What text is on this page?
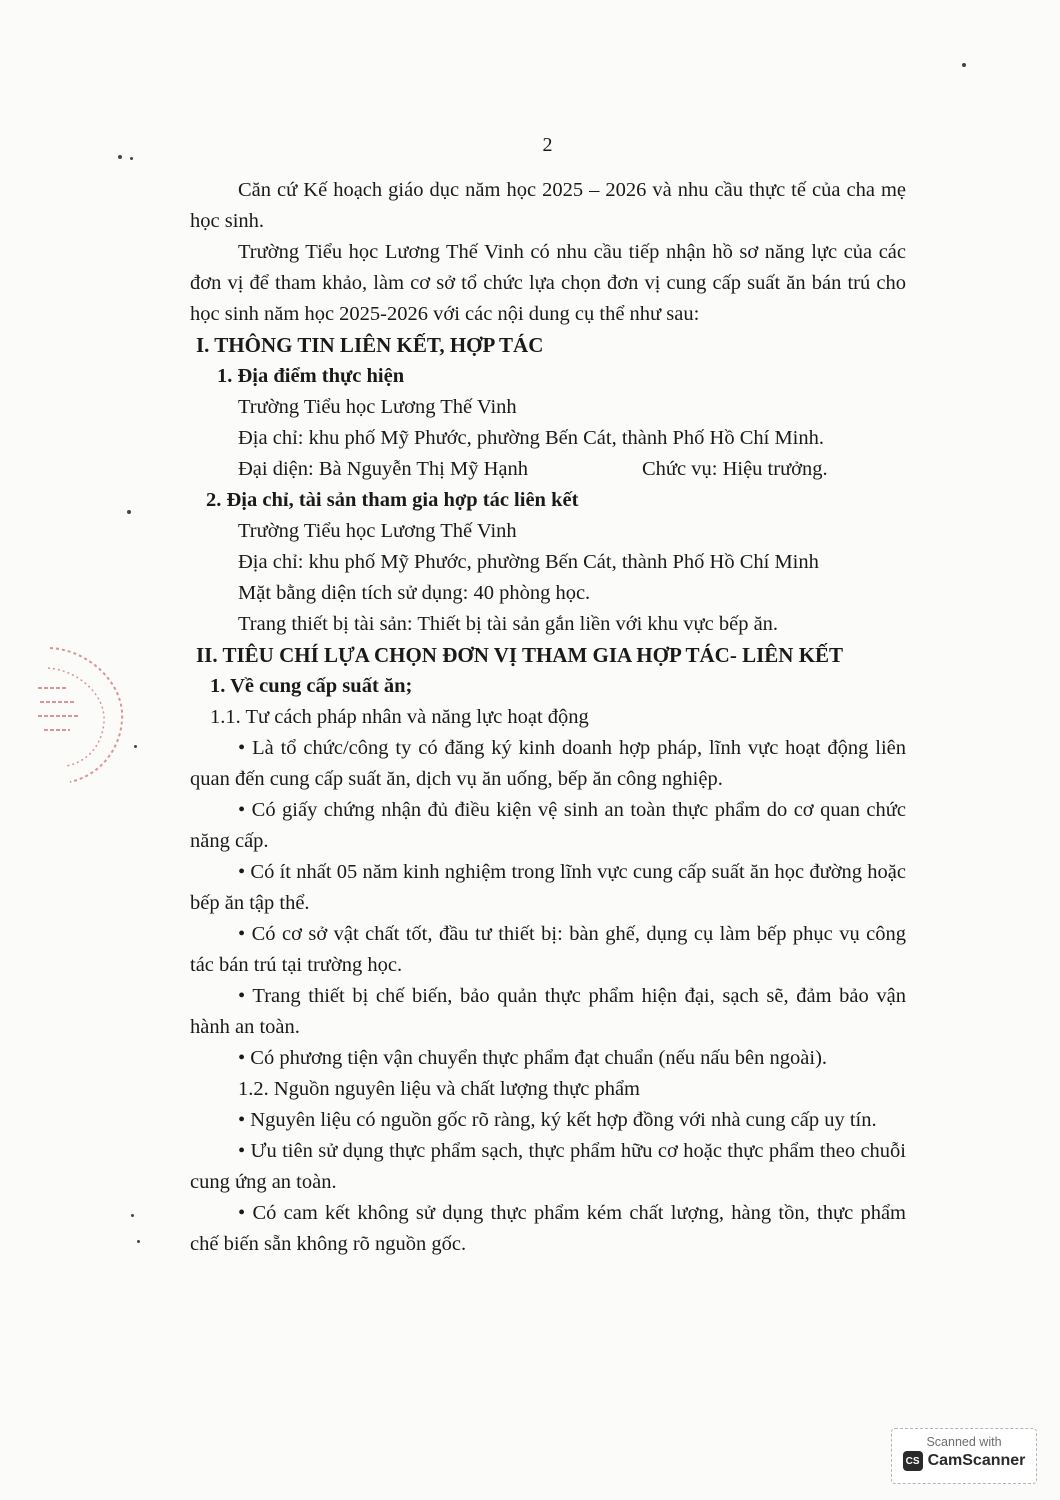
2

Căn cứ Kế hoạch giáo dục năm học 2025 – 2026 và nhu cầu thực tế của cha mẹ học sinh.

Trường Tiểu học Lương Thế Vinh có nhu cầu tiếp nhận hồ sơ năng lực của các đơn vị để tham khảo, làm cơ sở tổ chức lựa chọn đơn vị cung cấp suất ăn bán trú cho học sinh năm học 2025-2026 với các nội dung cụ thể như sau:

I. THÔNG TIN LIÊN KẾT, HỢP TÁC

1. Địa điểm thực hiện

Trường Tiểu học Lương Thế Vinh

Địa chỉ: khu phố Mỹ Phước, phường Bến Cát, thành Phố Hồ Chí Minh.

Đại diện: Bà Nguyễn Thị Mỹ Hạnh	Chức vụ: Hiệu trưởng.

2. Địa chỉ, tài sản tham gia hợp tác liên kết

Trường Tiểu học Lương Thế Vinh

Địa chỉ: khu phố Mỹ Phước, phường Bến Cát, thành Phố Hồ Chí Minh

Mặt bằng diện tích sử dụng: 40 phòng học.

Trang thiết bị tài sản: Thiết bị tài sản gắn liền với khu vực bếp ăn.

II. TIÊU CHÍ LỰA CHỌN ĐƠN VỊ THAM GIA HỢP TÁC- LIÊN KẾT

1. Về cung cấp suất ăn;

1.1. Tư cách pháp nhân và năng lực hoạt động

• Là tổ chức/công ty có đăng ký kinh doanh hợp pháp, lĩnh vực hoạt động liên quan đến cung cấp suất ăn, dịch vụ ăn uống, bếp ăn công nghiệp.

• Có giấy chứng nhận đủ điều kiện vệ sinh an toàn thực phẩm do cơ quan chức năng cấp.

• Có ít nhất 05 năm kinh nghiệm trong lĩnh vực cung cấp suất ăn học đường hoặc bếp ăn tập thể.

• Có cơ sở vật chất tốt, đầu tư thiết bị: bàn ghế, dụng cụ làm bếp phục vụ công tác bán trú tại trường học.

• Trang thiết bị chế biến, bảo quản thực phẩm hiện đại, sạch sẽ, đảm bảo vận hành an toàn.

• Có phương tiện vận chuyển thực phẩm đạt chuẩn (nếu nấu bên ngoài).

1.2. Nguồn nguyên liệu và chất lượng thực phẩm

• Nguyên liệu có nguồn gốc rõ ràng, ký kết hợp đồng với nhà cung cấp uy tín.

• Ưu tiên sử dụng thực phẩm sạch, thực phẩm hữu cơ hoặc thực phẩm theo chuỗi cung ứng an toàn.

• Có cam kết không sử dụng thực phẩm kém chất lượng, hàng tồn, thực phẩm chế biến sẵn không rõ nguồn gốc.

Scanned with
CS CamScanner
